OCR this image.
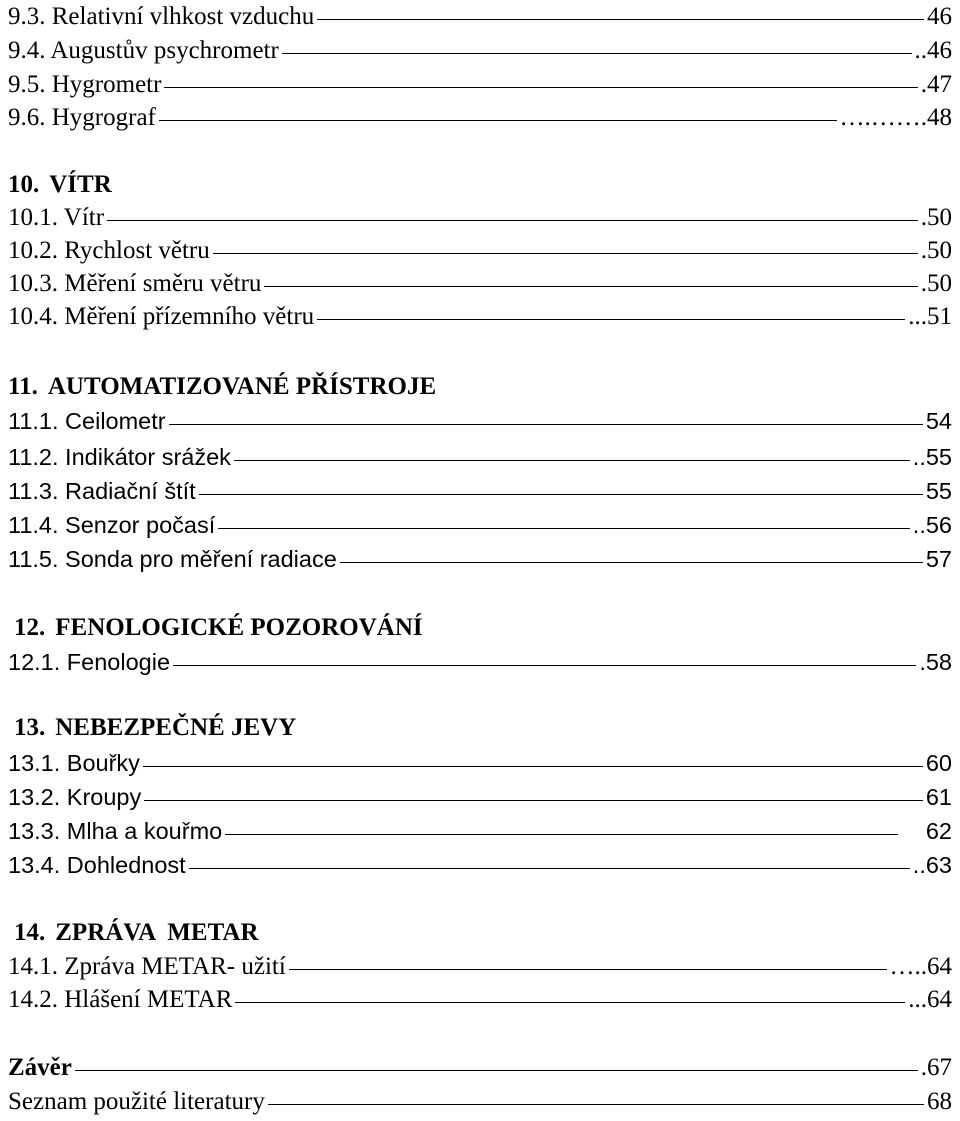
9.3. Relativní vlhkost vzduchu	46
9.4. Augustův psychrometr	.. 46
9.5. Hygrometr	. 47
9.6. Hygrograf	….……. 48
10. VÍTR
10.1. Vítr	. 50
10.2. Rychlost větru	. 50
10.3. Měření směru větru	. 50
10.4. Měření přízemního větru	... 51
11. AUTOMATIZOVANÉ PŘÍSTROJE
11.1. Ceilometr	54
11.2. Indikátor srážek	.. 55
11.3. Radiační štít	55
11.4. Senzor počasí	.. 56
11.5. Sonda pro měření radiace	57
12. FENOLOGICKÉ POZOROVÁNÍ
12.1. Fenologie	. 58
13. NEBEZPEČNÉ JEVY
13.1. Bouřky	60
13.2. Kroupy	61
13.3. Mlha a kouřmo	62
13.4. Dohlednost	.. 63
14. ZPRÁVA  METAR
14.1. Zpráva METAR- užití	….. 64
14.2. Hlášení METAR	... 64
Závěr	. 67
Seznam použité literatury	68
